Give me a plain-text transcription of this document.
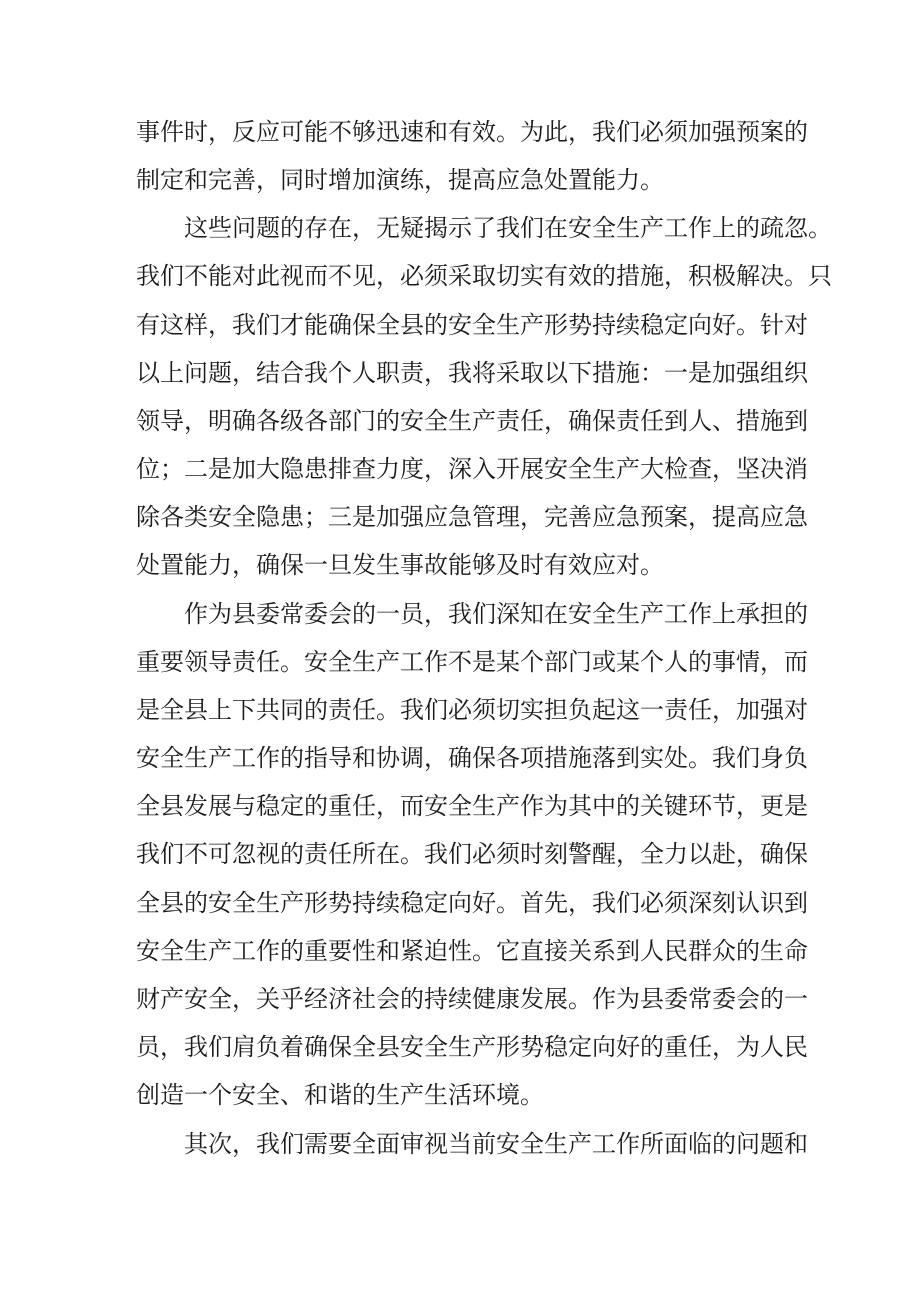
事件时，反应可能不够迅速和有效。为此，我们必须加强预案的

制定和完善，同时增加演练，提高应急处置能力。

这些问题的存在，无疑揭示了我们在安全生产工作上的疏忽。

我们不能对此视而不见，必须采取切实有效的措施，积极解决。只

有这样，我们才能确保全县的安全生产形势持续稳定向好。针对

以上问题，结合我个人职责，我将采取以下措施：一是加强组织

领导，明确各级各部门的安全生产责任，确保责任到人、措施到

位；二是加大隐患排查力度，深入开展安全生产大检查，坚决消

除各类安全隐患；三是加强应急管理，完善应急预案，提高应急

处置能力，确保一旦发生事故能够及时有效应对。

作为县委常委会的一员，我们深知在安全生产工作上承担的

重要领导责任。安全生产工作不是某个部门或某个人的事情，而

是全县上下共同的责任。我们必须切实担负起这一责任，加强对

安全生产工作的指导和协调，确保各项措施落到实处。我们身负

全县发展与稳定的重任，而安全生产作为其中的关键环节，更是

我们不可忽视的责任所在。我们必须时刻警醒，全力以赴，确保

全县的安全生产形势持续稳定向好。首先，我们必须深刻认识到

安全生产工作的重要性和紧迫性。它直接关系到人民群众的生命

财产安全，关乎经济社会的持续健康发展。作为县委常委会的一

员，我们肩负着确保全县安全生产形势稳定向好的重任，为人民

创造一个安全、和谐的生产生活环境。

其次，我们需要全面审视当前安全生产工作所面临的问题和
